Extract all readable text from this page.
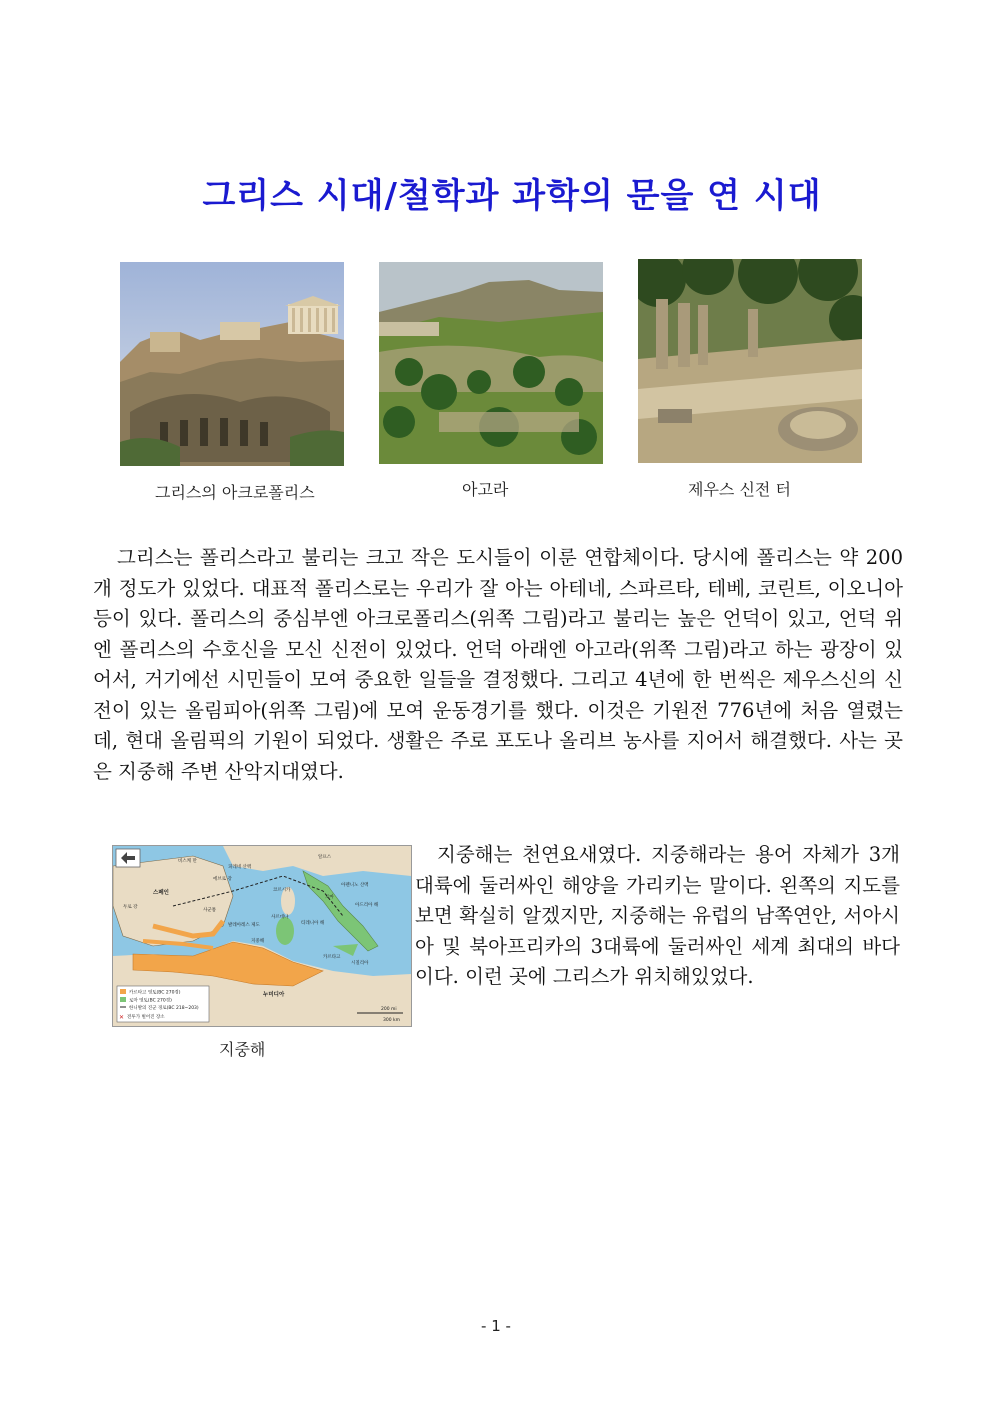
그리스 시대/철학과 과학의 문을 연 시대
그리스의 아크로폴리스	아고라	제우스 신전 터

그리스는 폴리스라고 불리는 크고 작은 도시들이 이룬 연합체이다. 당시에 폴리스는 약 200개 정도가 있었다. 대표적 폴리스로는 우리가 잘 아는 아테네, 스파르타, 테베, 코린트, 이오니아 등이 있다. 폴리스의 중심부엔 아크로폴리스(위쪽 그림)라고 불리는 높은 언덕이 있고, 언덕 위엔 폴리스의 수호신을 모신 신전이 있었다. 언덕 아래엔 아고라(위쪽 그림)라고 하는 광장이 있어서, 거기에선 시민들이 모여 중요한 일들을 결정했다. 그리고 4년에 한 번씩은 제우스신의 신전이 있는 올림피아(위쪽 그림)에 모여 운동경기를 했다. 이것은 기원전 776년에 처음 열렸는데, 현대 올림픽의 기원이 되었다. 생활은 주로 포도나 올리브 농사를 지어서 해결했다. 사는 곳은 지중해 주변 산악지대였다.

✕
카르타고 영토(BC 270경)
로마 영토(BC 270경)
한니발의 진군 경로(BC 218~203)
전투가 벌어진 장소
200 mi
300 km
비스케 만
피레네 산맥
에브로 강
스페인
두로 강
사군툼
발레아레스 제도
코르시카
사르데냐
지중해
로마
아펜니노 산맥
알프스
카르타고
누미디아
티레니아 해
아드리아 해
시칠리아
지중해

지중해는 천연요새였다. 지중해라는 용어 자체가 3개 대륙에 둘러싸인 해양을 가리키는 말이다. 왼쪽의 지도를 보면 확실히 알겠지만, 지중해는 유럽의 남쪽연안, 서아시아 및 북아프리카의 3대륙에 둘러싸인 세계 최대의 바다이다. 이런 곳에 그리스가 위치해있었다.

- 1 -
